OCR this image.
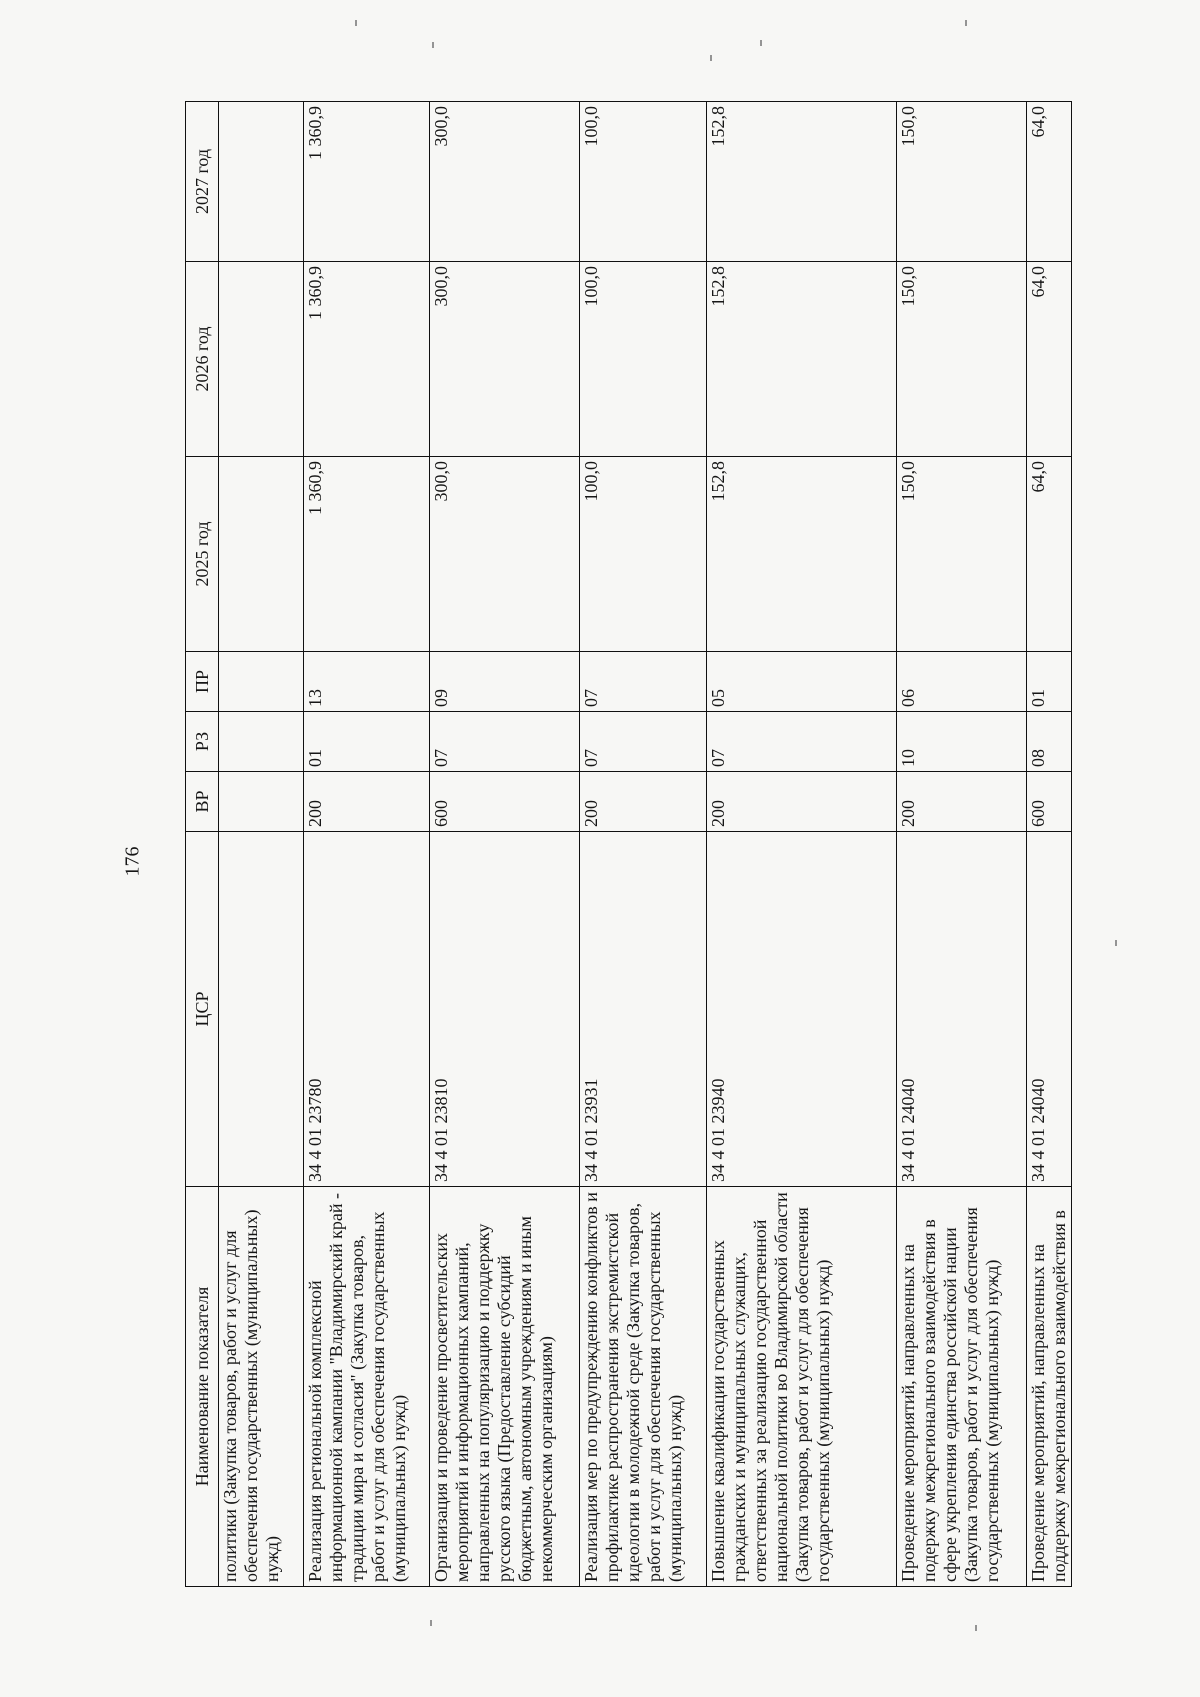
176
Наименование показателя	ЦСР	ВР	РЗ	ПР	2025 год	2026 год	2027 год
политики (Закупка товаров, работ и услуг для обеспечения государственных (муниципальных) нужд)							
Реализация региональной комплексной информационной кампании "Владимирский край - традиции мира и согласия" (Закупка товаров, работ и услуг для обеспечения государственных (муниципальных) нужд)	34 4 01 23780	200	01	13	1 360,9	1 360,9	1 360,9
Организация и проведение просветительских мероприятий и информационных кампаний, направленных на популяризацию и поддержку русского языка (Предоставление субсидий бюджетным, автономным учреждениям и иным некоммерческим организациям)	34 4 01 23810	600	07	09	300,0	300,0	300,0
Реализация мер по предупреждению конфликтов и профилактике распространения экстремистской идеологии в молодежной среде (Закупка товаров, работ и услуг для обеспечения государственных (муниципальных) нужд)	34 4 01 23931	200	07	07	100,0	100,0	100,0
Повышение квалификации государственных гражданских и муниципальных служащих, ответственных за реализацию государственной национальной политики во Владимирской области (Закупка товаров, работ и услуг для обеспечения государственных (муниципальных) нужд)	34 4 01 23940	200	07	05	152,8	152,8	152,8
Проведение мероприятий, направленных на подержку межрегионального взаимодействия в сфере укрепления единства российской нации (Закупка товаров, работ и услуг для обеспечения государственных (муниципальных) нужд)	34 4 01 24040	200	10	06	150,0	150,0	150,0
Проведение мероприятий, направленных на поддержку межрегионального взаимодействия в	34 4 01 24040	600	08	01	64,0	64,0	64,0
